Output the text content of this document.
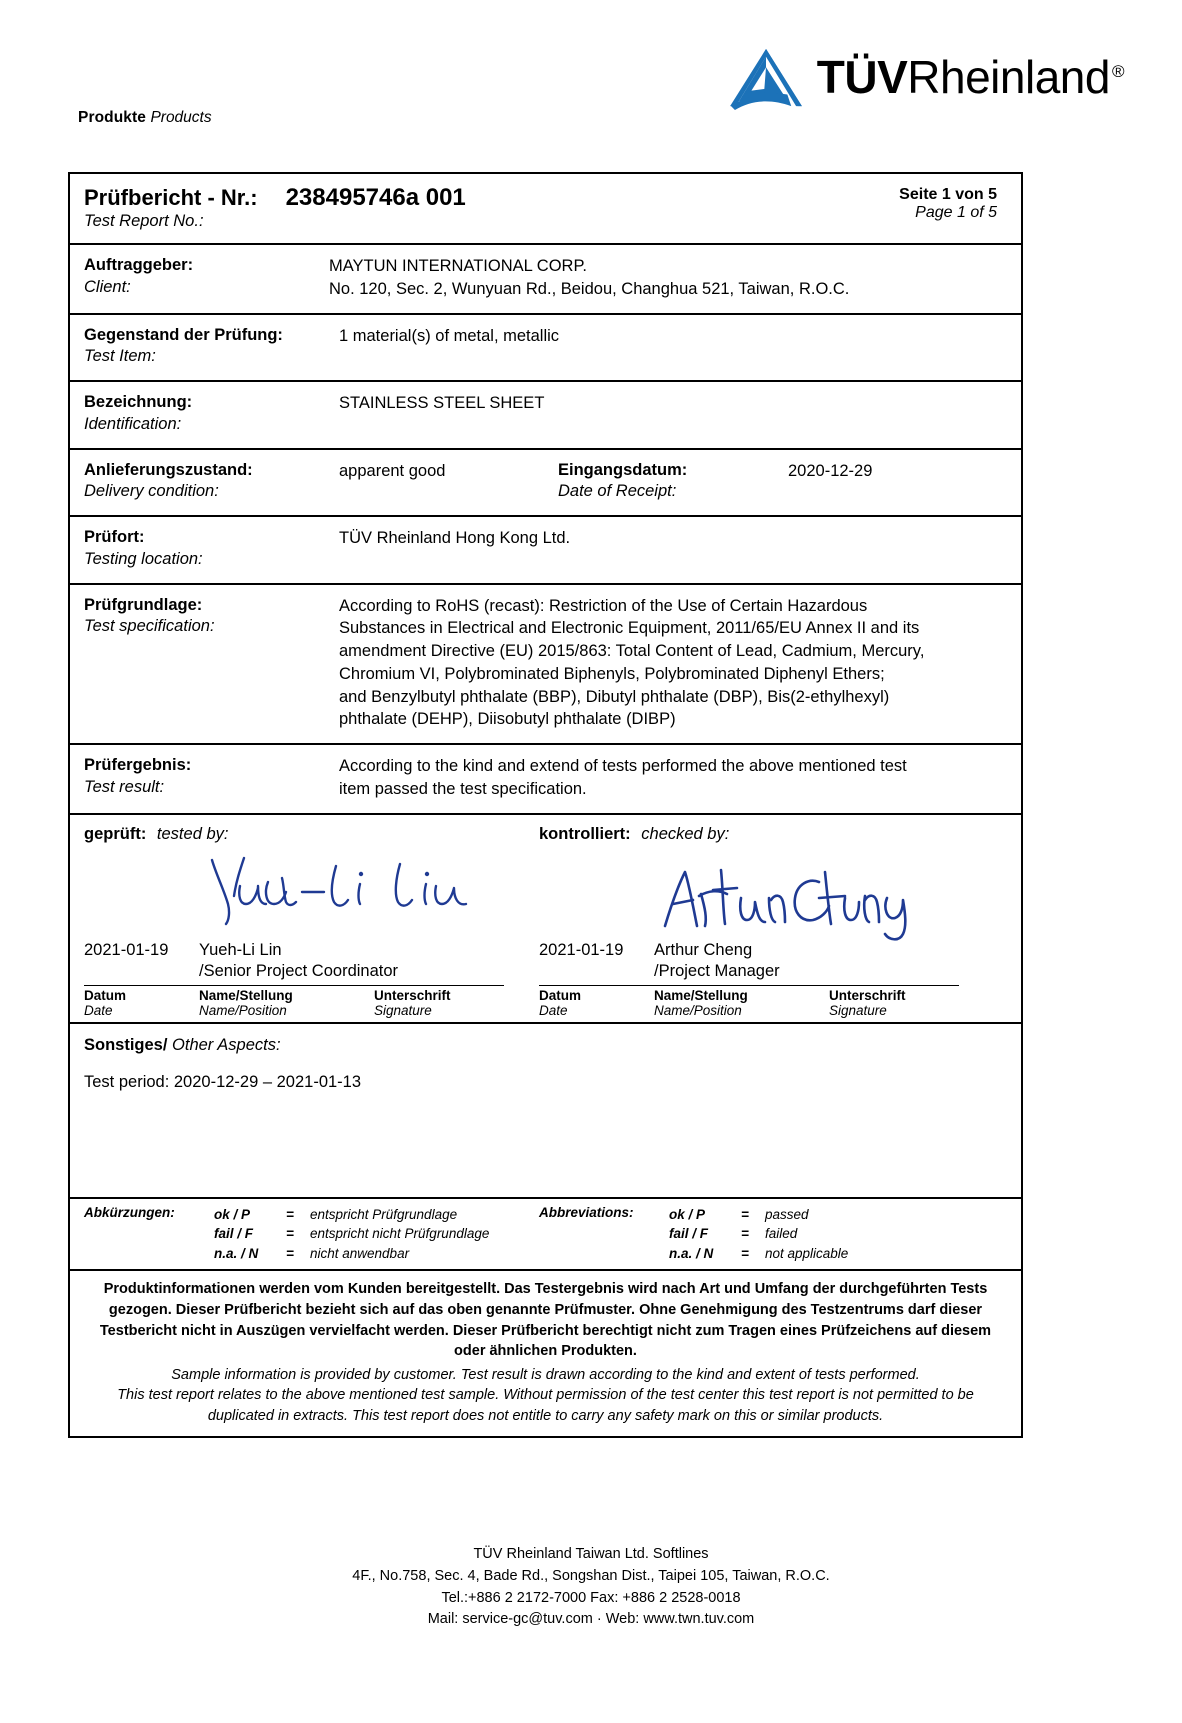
Produkte Products
TÜVRheinland ®
Prüfbericht - Nr.:
Test Report No.:
238495746a 001	Seite 1 von 5
Page 1 of 5
Auftraggeber:
Client:
MAYTUN INTERNATIONAL CORP.
No. 120, Sec. 2, Wunyuan Rd., Beidou, Changhua 521, Taiwan, R.O.C.
Gegenstand der Prüfung:
Test Item:
1 material(s) of metal, metallic
Bezeichnung:
Identification:
STAINLESS STEEL SHEET
Anlieferungszustand:
Delivery condition:
apparent good	Eingangsdatum:
Date of Receipt:
2020-12-29
Prüfort:
Testing location:
TÜV Rheinland Hong Kong Ltd.
Prüfgrundlage:
Test specification:
According to RoHS (recast): Restriction of the Use of Certain Hazardous
Substances in Electrical and Electronic Equipment, 2011/65/EU Annex II and its
amendment Directive (EU) 2015/863: Total Content of Lead, Cadmium, Mercury,
Chromium VI, Polybrominated Biphenyls, Polybrominated Diphenyl Ethers;
and Benzylbutyl phthalate (BBP), Dibutyl phthalate (DBP), Bis(2-ethylhexyl)
phthalate (DEHP), Diisobutyl phthalate (DIBP)
Prüfergebnis:
Test result:
According to the kind and extend of tests performed the above mentioned test
item passed the test specification.
geprüft: tested by:	kontrolliert: checked by:
2021-01-19	Yueh-Li Lin
/Senior Project Coordinator
Datum
Date
Name/Stellung
Name/Position
Unterschrift
Signature
2021-01-19	Arthur Cheng
/Project Manager
Datum
Date
Name/Stellung
Name/Position
Unterschrift
Signature
Sonstiges/ Other Aspects:
Test period: 2020-12-29 – 2021-01-13
Abkürzungen:	ok / P	=	entspricht Prüfgrundlage
fail / F	=	entspricht nicht Prüfgrundlage
n.a. / N	=	nicht anwendbar
Abbreviations:	ok / P	=	passed
fail / F	=	failed
n.a. / N	=	not applicable
Produktinformationen werden vom Kunden bereitgestellt. Das Testergebnis wird nach Art und Umfang der durchgeführten Tests
gezogen. Dieser Prüfbericht bezieht sich auf das oben genannte Prüfmuster. Ohne Genehmigung des Testzentrums darf dieser
Testbericht nicht in Auszügen vervielfacht werden. Dieser Prüfbericht berechtigt nicht zum Tragen eines Prüfzeichens auf diesem
oder ähnlichen Produkten.
Sample information is provided by customer. Test result is drawn according to the kind and extent of tests performed.
This test report relates to the above mentioned test sample. Without permission of the test center this test report is not permitted to be
duplicated in extracts. This test report does not entitle to carry any safety mark on this or similar products.
TÜV Rheinland Taiwan Ltd. Softlines
4F., No.758, Sec. 4, Bade Rd., Songshan Dist., Taipei 105, Taiwan, R.O.C.
Tel.:+886 2 2172-7000 Fax: +886 2 2528-0018
Mail: service-gc@tuv.com · Web: www.twn.tuv.com
